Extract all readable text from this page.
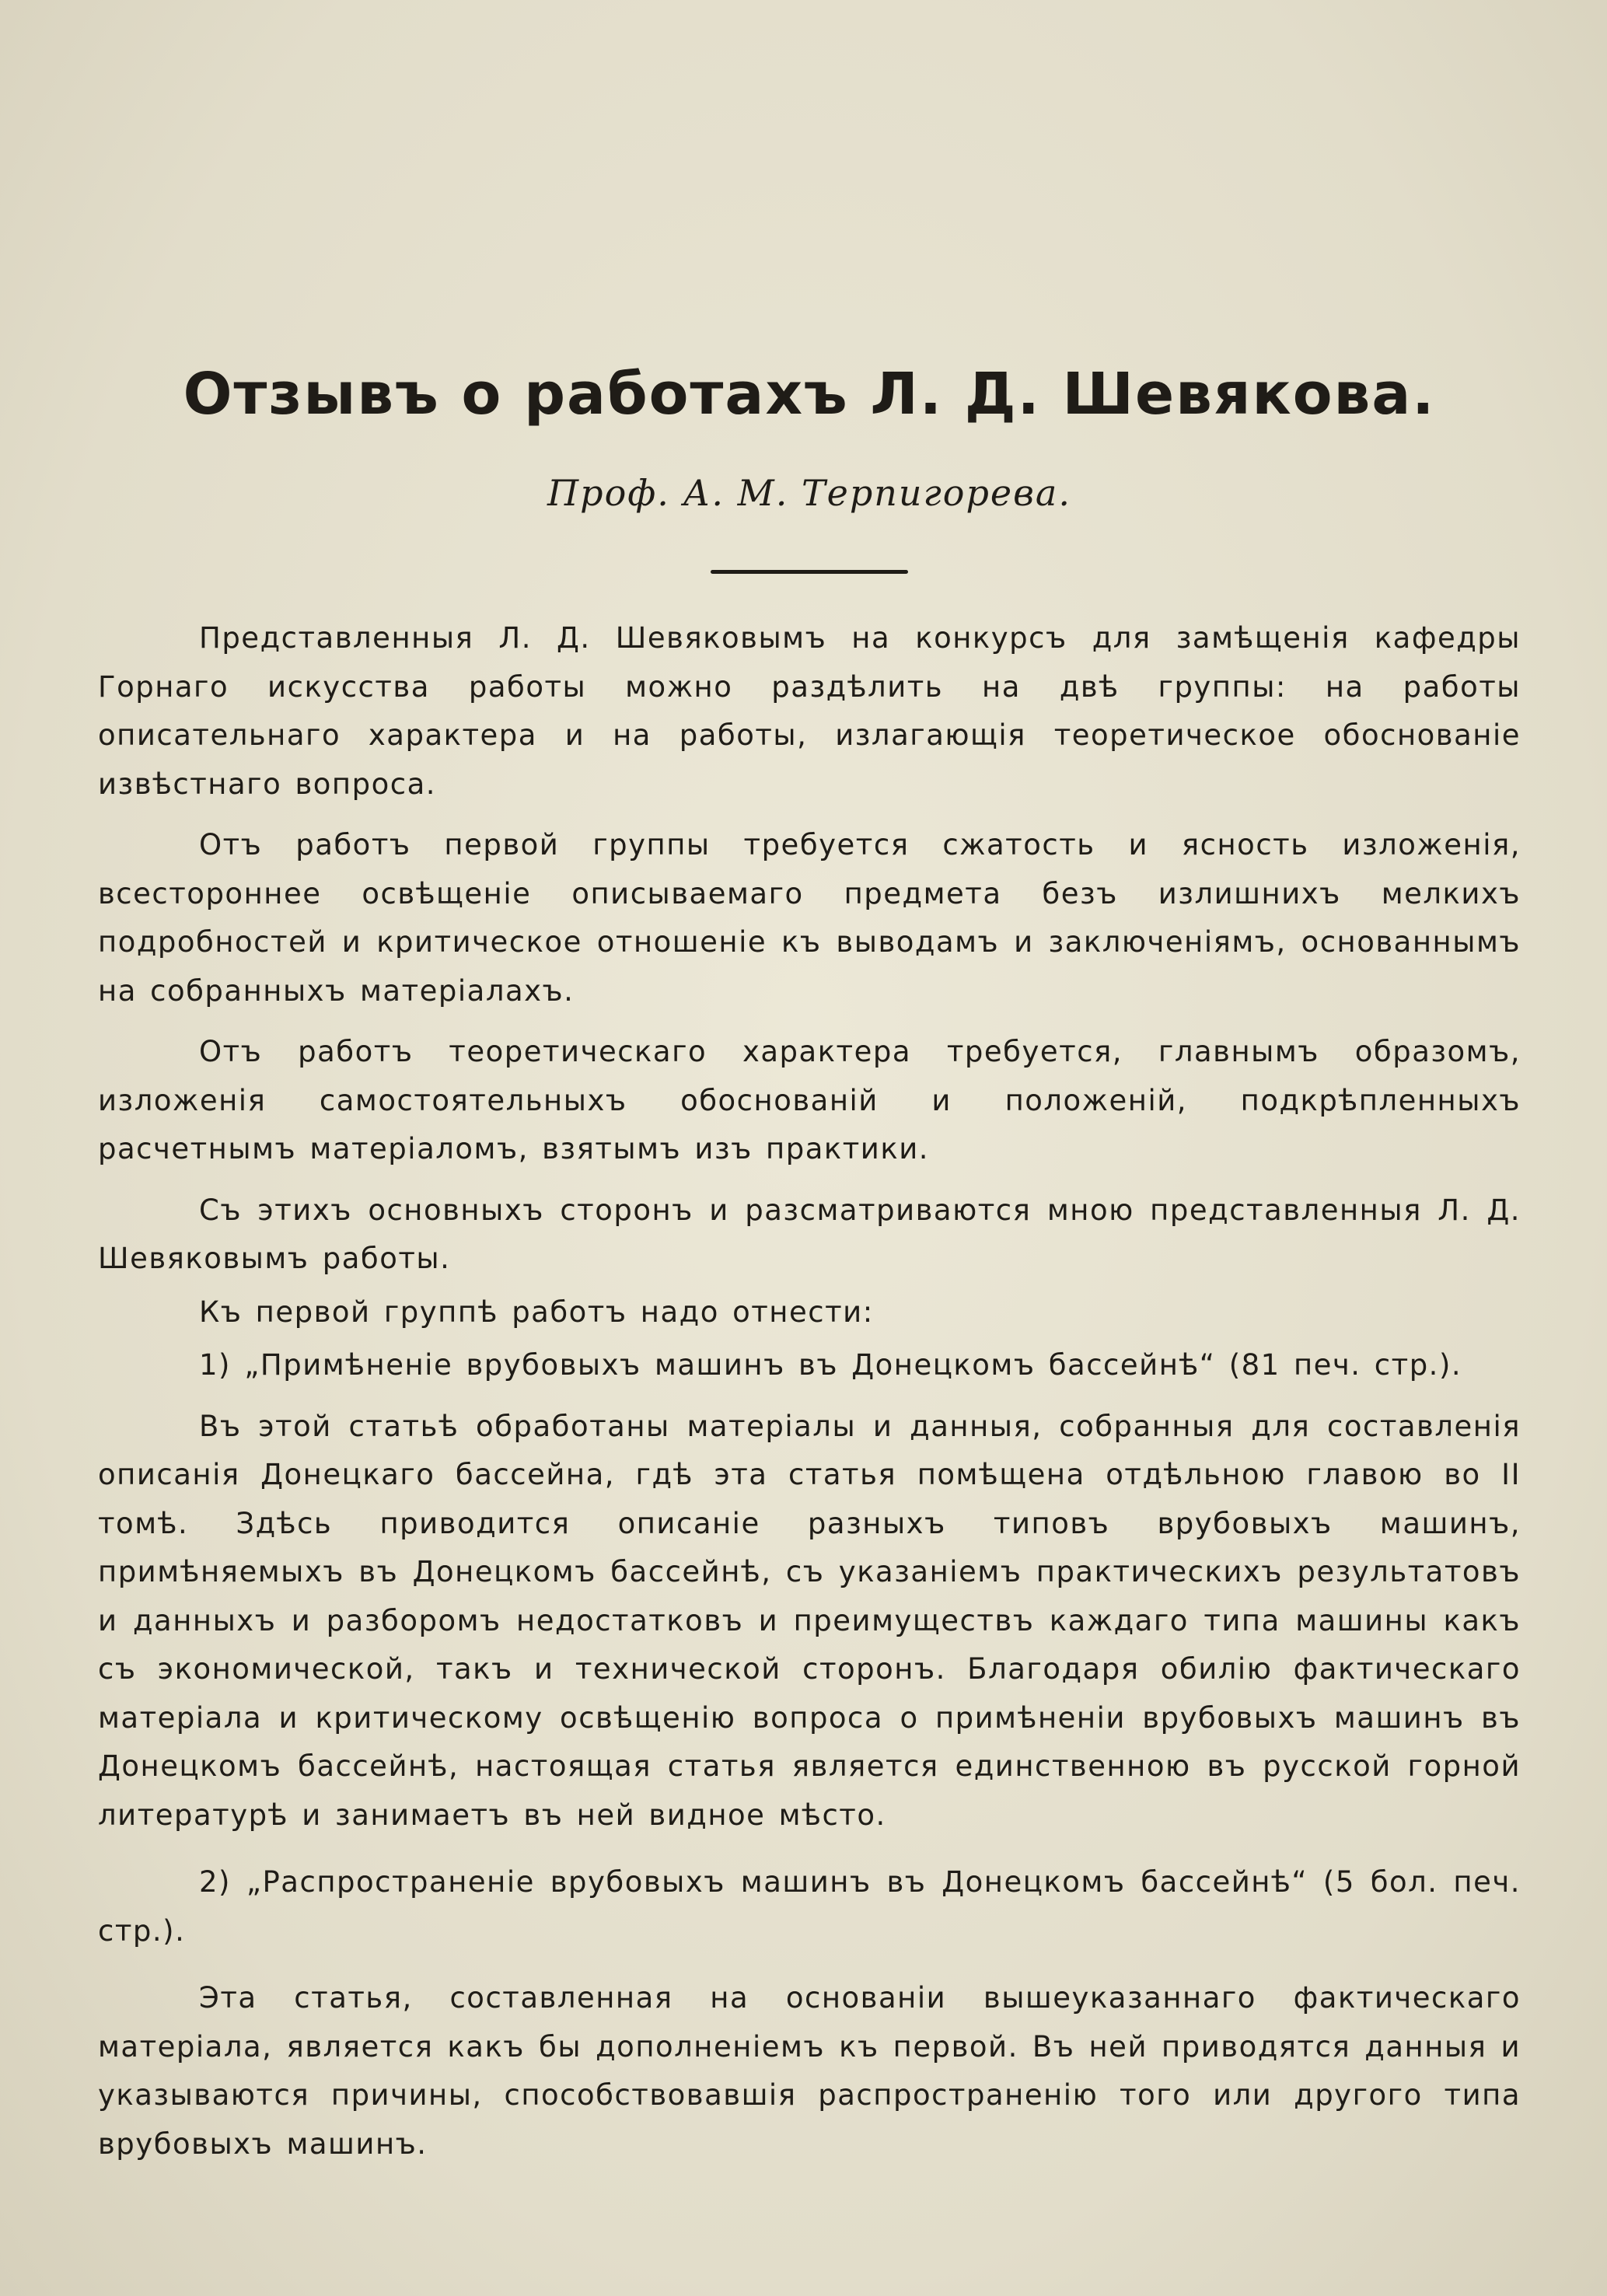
Отзывъ о работахъ Л. Д. Шевякова.
Проф. А. М. Терпигорева.

Представленныя Л. Д. Шевяковымъ на конкурсъ для замѣщенія кафедры Горнаго искусства работы можно раздѣлить на двѣ группы: на работы описательнаго характера и на работы, излагающія теоретическое обоснованіе извѣстнаго вопроса.

Отъ работъ первой группы требуется сжатость и ясность изложенія, всестороннее освѣщеніе описываемаго предмета безъ излишнихъ мелкихъ подробностей и критическое отношеніе къ выводамъ и заключеніямъ, основаннымъ на собранныхъ матеріалахъ.

Отъ работъ теоретическаго характера требуется, главнымъ образомъ, изложенія самостоятельныхъ обоснованій и положеній, подкрѣпленныхъ расчетнымъ матеріаломъ, взятымъ изъ практики.

Съ этихъ основныхъ сторонъ и разсматриваются мною представленныя Л. Д. Шевяковымъ работы.

Къ первой группѣ работъ надо отнести:

1) „Примѣненіе врубовыхъ машинъ въ Донецкомъ бассейнѣ“ (81 печ. стр.).

Въ этой статьѣ обработаны матеріалы и данныя, собранныя для составленія описанія Донецкаго бассейна, гдѣ эта статья помѣщена отдѣльною главою во II томѣ. Здѣсь приводится описаніе разныхъ типовъ врубовыхъ машинъ, примѣняемыхъ въ Донецкомъ бассейнѣ, съ указаніемъ практическихъ результатовъ и данныхъ и разборомъ недостатковъ и преимуществъ каждаго типа машины какъ съ экономической, такъ и технической сторонъ. Благодаря обилію фактическаго матеріала и критическому освѣщенію вопроса о примѣненіи врубовыхъ машинъ въ Донецкомъ бассейнѣ, настоящая статья является единственною въ русской горной литературѣ и занимаетъ въ ней видное мѣсто.

2) „Распространеніе врубовыхъ машинъ въ Донецкомъ бассейнѣ“ (5 бол. печ. стр.).

Эта статья, составленная на основаніи вышеуказаннаго фактическаго матеріала, является какъ бы дополненіемъ къ первой. Въ ней приводятся данныя и указываются причины, способствовавшія распространенію того или другого типа врубовыхъ машинъ.
